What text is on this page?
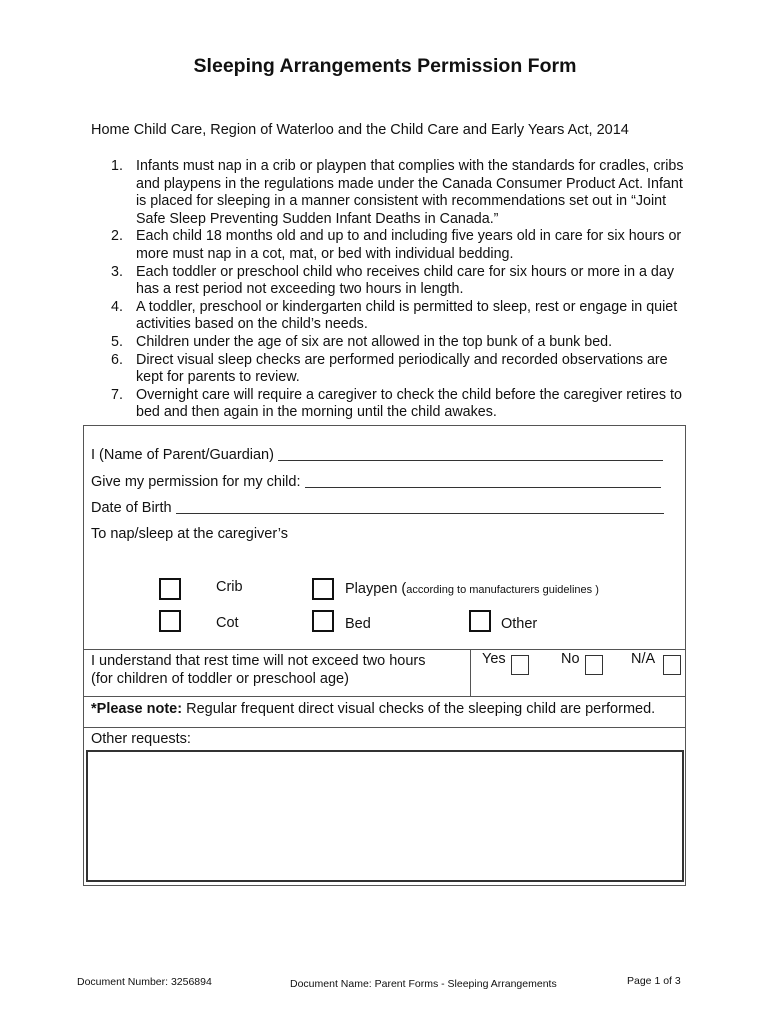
Sleeping Arrangements Permission Form
Home Child Care, Region of Waterloo and the Child Care and Early Years Act, 2014
1. Infants must nap in a crib or playpen that complies with the standards for cradles, cribs and playpens in the regulations made under the Canada Consumer Product Act. Infant is placed for sleeping in a manner consistent with recommendations set out in “Joint Safe Sleep Preventing Sudden Infant Deaths in Canada.”
2. Each child 18 months old and up to and including five years old in care for six hours or more must nap in a cot, mat, or bed with individual bedding.
3. Each toddler or preschool child who receives child care for six hours or more in a day has a rest period not exceeding two hours in length.
4. A toddler, preschool or kindergarten child is permitted to sleep, rest or engage in quiet activities based on the child’s needs.
5. Children under the age of six are not allowed in the top bunk of a bunk bed.
6. Direct visual sleep checks are performed periodically and recorded observations are kept for parents to review.
7. Overnight care will require a caregiver to check the child before the caregiver retires to bed and then again in the morning until the child awakes.
I (Name of Parent/Guardian)
Give my permission for my child:
Date of Birth
To nap/sleep at the caregiver’s
Crib	Playpen (according to manufacturers guidelines )
Cot	Bed	Other
I understand that rest time will not exceed two hours
(for children of toddler or preschool age)
Yes	No	N/A
*Please note: Regular frequent direct visual checks of the sleeping child are performed.
Other requests:
Document Number: 3256894	Document Name: Parent Forms - Sleeping Arrangements	Page 1 of 3
